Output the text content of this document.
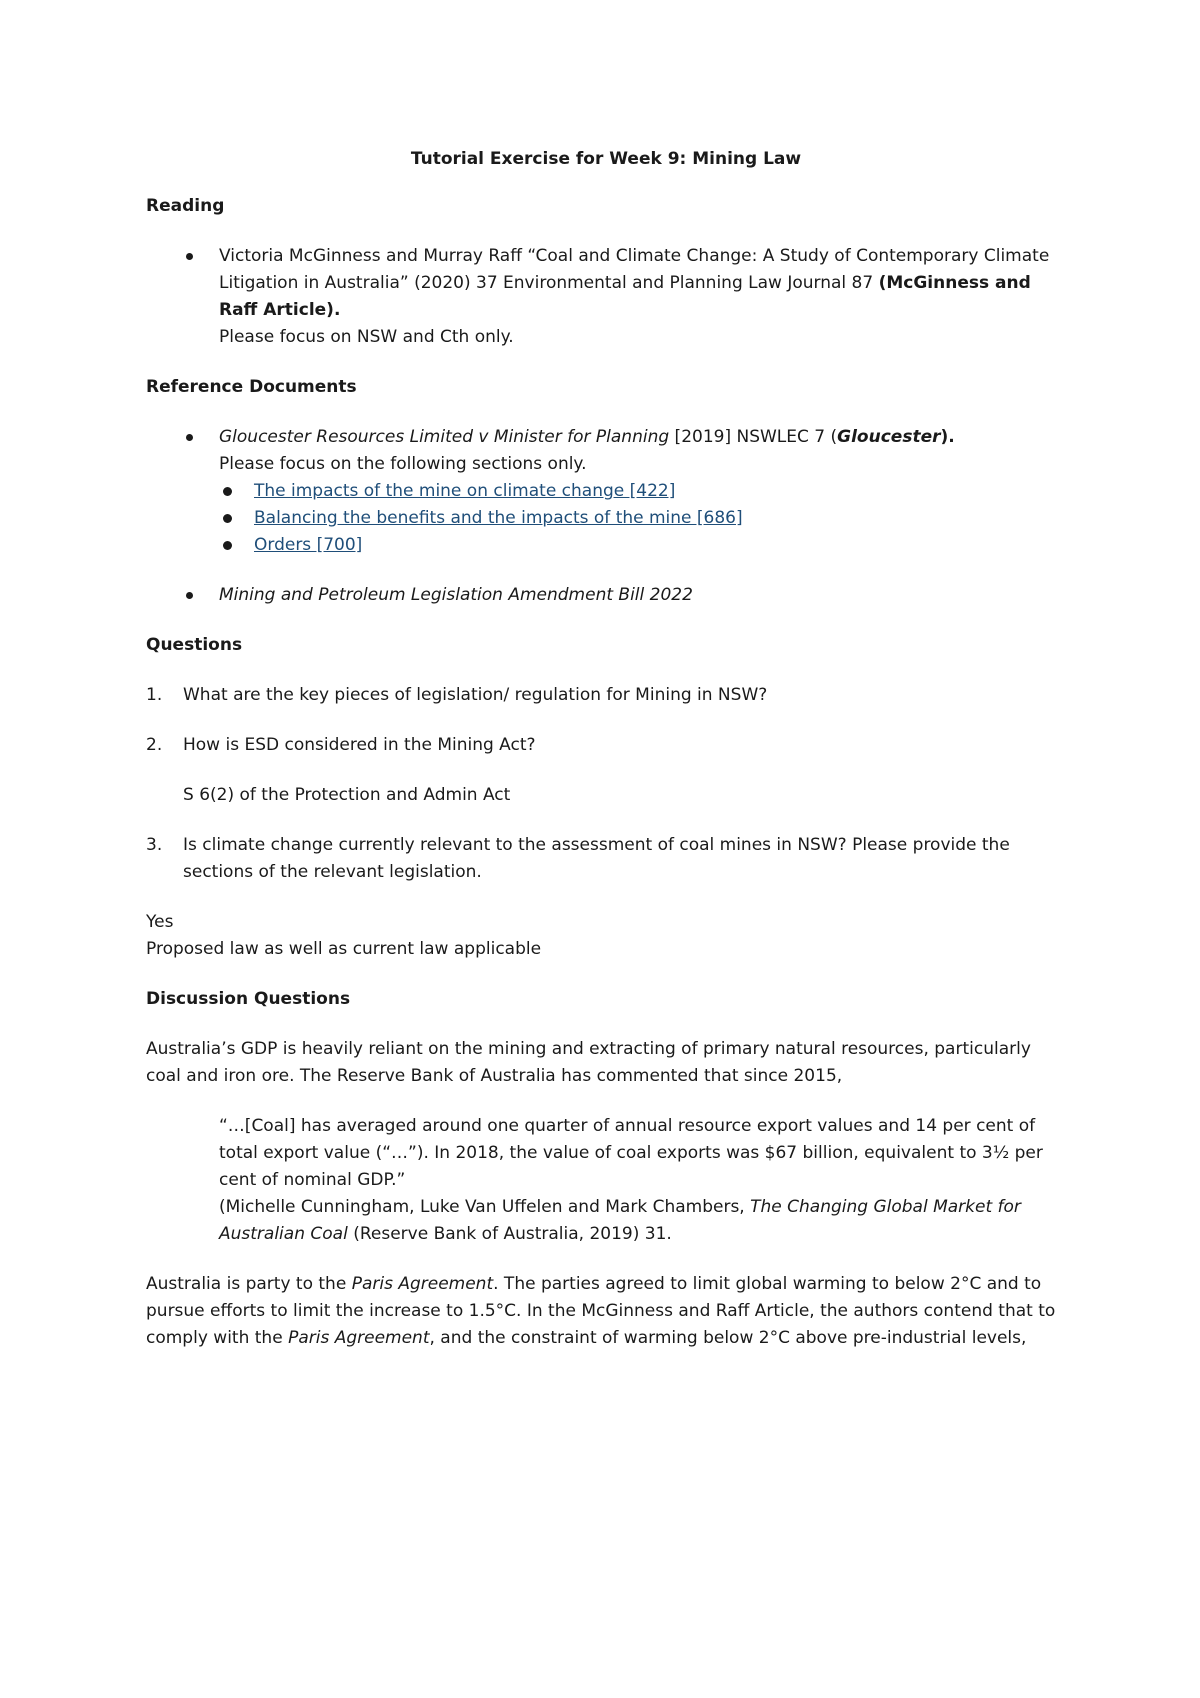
Tutorial Exercise for Week 9: Mining Law

Reading

Victoria McGinness and Murray Raff “Coal and Climate Change: A Study of Contemporary Climate Litigation in Australia” (2020) 37 Environmental and Planning Law Journal 87 (McGinness and Raff Article).
Please focus on NSW and Cth only.

Reference Documents

Gloucester Resources Limited v Minister for Planning [2019] NSWLEC 7 (Gloucester).
Please focus on the following sections only.
The impacts of the mine on climate change [422]
Balancing the benefits and the impacts of the mine [686]
Orders [700]
Mining and Petroleum Legislation Amendment Bill 2022

Questions

1. What are the key pieces of legislation/ regulation for Mining in NSW?
2. How is ESD considered in the Mining Act?

S 6(2) of the Protection and Admin Act

3. Is climate change currently relevant to the assessment of coal mines in NSW? Please provide the sections of the relevant legislation.

Yes

Proposed law as well as current law applicable

Discussion Questions

Australia’s GDP is heavily reliant on the mining and extracting of primary natural resources, particularly coal and iron ore. The Reserve Bank of Australia has commented that since 2015,

“…[Coal] has averaged around one quarter of annual resource export values and 14 per cent of total export value (“…”). In 2018, the value of coal exports was $67 billion, equivalent to 3½ per cent of nominal GDP.”
(Michelle Cunningham, Luke Van Uffelen and Mark Chambers, The Changing Global Market for Australian Coal (Reserve Bank of Australia, 2019) 31.

Australia is party to the Paris Agreement. The parties agreed to limit global warming to below 2°C and to pursue efforts to limit the increase to 1.5°C. In the McGinness and Raff Article, the authors contend that to comply with the Paris Agreement, and the constraint of warming below 2°C above pre-industrial levels,
